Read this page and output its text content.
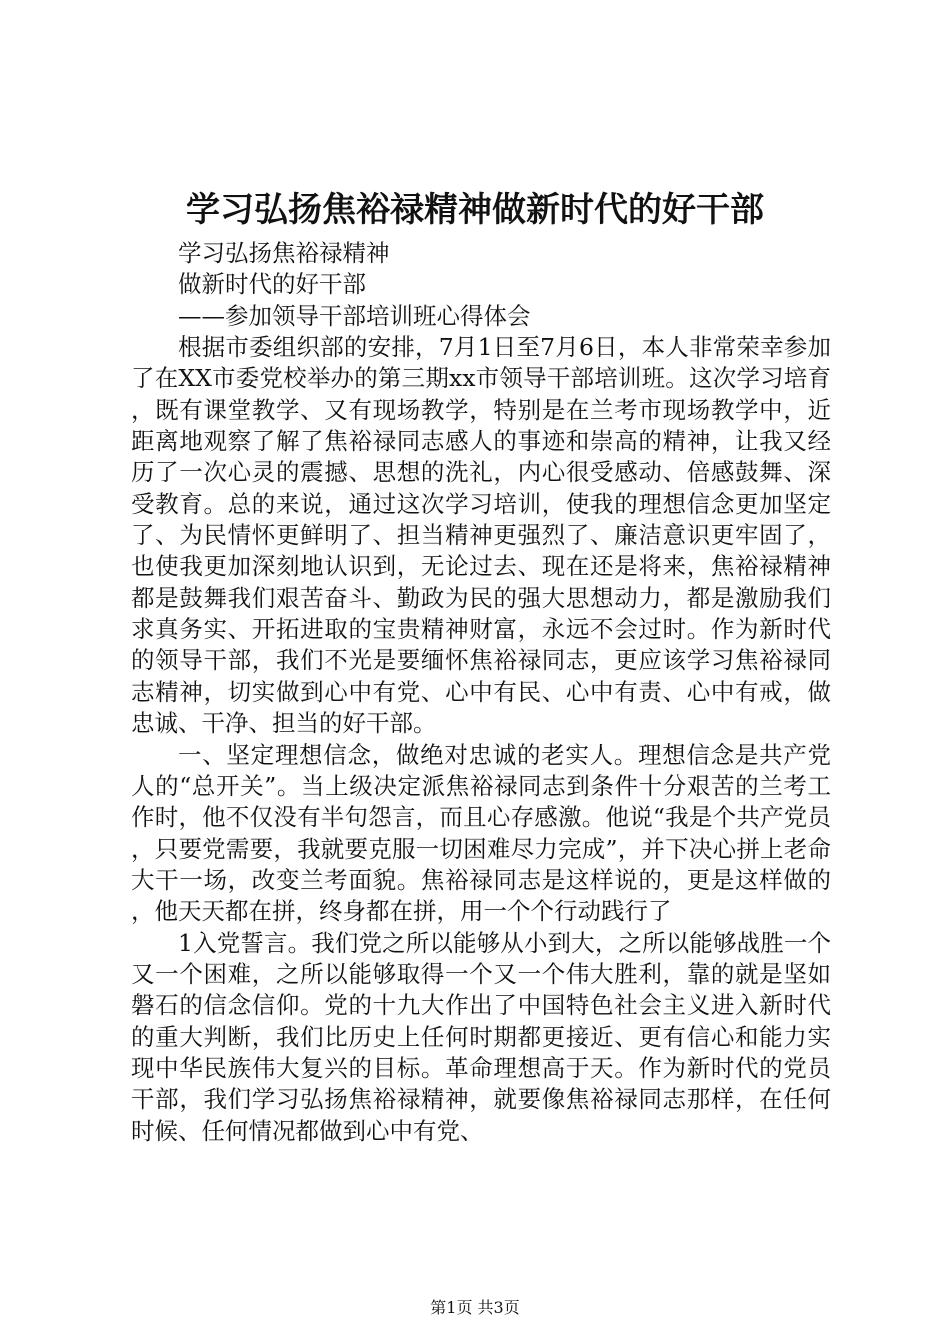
学习弘扬焦裕禄精神做新时代的好干部

学习弘扬焦裕禄精神

做新时代的好干部

——参加领导干部培训班心得体会

根据市委组织部的安排，7月1日至7月6日，本人非常荣幸参加了在XX市委党校举办的第三期xx市领导干部培训班。这次学习培育，既有课堂教学、又有现场教学，特别是在兰考市现场教学中，近距离地观察了解了焦裕禄同志感人的事迹和崇高的精神，让我又经历了一次心灵的震撼、思想的洗礼，内心很受感动、倍感鼓舞、深受教育。总的来说，通过这次学习培训，使我的理想信念更加坚定了、为民情怀更鲜明了、担当精神更强烈了、廉洁意识更牢固了，也使我更加深刻地认识到，无论过去、现在还是将来，焦裕禄精神都是鼓舞我们艰苦奋斗、勤政为民的强大思想动力，都是激励我们求真务实、开拓进取的宝贵精神财富，永远不会过时。作为新时代的领导干部，我们不光是要缅怀焦裕禄同志，更应该学习焦裕禄同志精神，切实做到心中有党、心中有民、心中有责、心中有戒，做忠诚、干净、担当的好干部。

一、坚定理想信念，做绝对忠诚的老实人。理想信念是共产党人的“总开关”。当上级决定派焦裕禄同志到条件十分艰苦的兰考工作时，他不仅没有半句怨言，而且心存感激。他说“我是个共产党员，只要党需要，我就要克服一切困难尽力完成”，并下决心拼上老命大干一场，改变兰考面貌。焦裕禄同志是这样说的，更是这样做的，他天天都在拼，终身都在拼，用一个个行动践行了

1入党誓言。我们党之所以能够从小到大，之所以能够战胜一个又一个困难，之所以能够取得一个又一个伟大胜利，靠的就是坚如磐石的信念信仰。党的十九大作出了中国特色社会主义进入新时代的重大判断，我们比历史上任何时期都更接近、更有信心和能力实现中华民族伟大复兴的目标。革命理想高于天。作为新时代的党员干部，我们学习弘扬焦裕禄精神，就要像焦裕禄同志那样，在任何时候、任何情况都做到心中有党、

第1页 共3页
